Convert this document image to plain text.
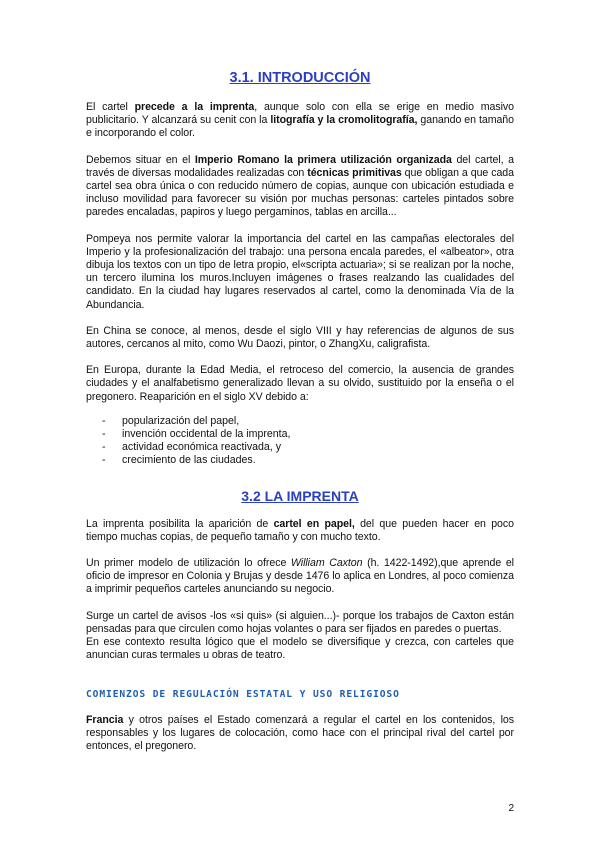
3.1. INTRODUCCIÓN

El cartel precede a la imprenta, aunque solo con ella se erige en medio masivo publicitario. Y alcanzará su cenit con la litografía y la cromolitografía, ganando en tamaño e incorporando el color.

Debemos situar en el Imperio Romano la primera utilización organizada del cartel, a través de diversas modalidades realizadas con técnicas primitivas que obligan a que cada cartel sea obra única o con reducido número de copias, aunque con ubicación estudiada e incluso movilidad para favorecer su visión por muchas personas: carteles pintados sobre paredes encaladas, papiros y luego pergaminos, tablas en arcilla...

Pompeya nos permite valorar la importancia del cartel en las campañas electorales del Imperio y la profesionalización del trabajo: una persona encala paredes, el «albeator», otra dibuja los textos con un tipo de letra propio, el«scripta actuaria»; si se realizan por la noche, un tercero ilumina los muros.Incluyen imágenes o frases realzando las cualidades del candidato. En la ciudad hay lugares reservados al cartel, como la denominada Vía de la Abundancia.

En China se conoce, al menos, desde el siglo VIII y hay referencias de algunos de sus autores, cercanos al mito, como Wu Daozi, pintor, o ZhangXu, caligrafista.

En Europa, durante la Edad Media, el retroceso del comercio, la ausencia de grandes ciudades y el analfabetismo generalizado llevan a su olvido, sustituido por la enseña o el pregonero. Reaparición en el siglo XV debido a:

- popularización del papel,
- invención occidental de la imprenta,
- actividad económica reactivada, y
- crecimiento de las ciudades.
3.2 LA IMPRENTA

La imprenta posibilita la aparición de cartel en papel, del que pueden hacer en poco tiempo muchas copias, de pequeño tamaño y con mucho texto.

Un primer modelo de utilización lo ofrece William Caxton (h. 1422-1492),que aprende el oficio de impresor en Colonia y Brujas y desde 1476 lo aplica en Londres, al poco comienza a imprimir pequeños carteles anunciando su negocio.

Surge un cartel de avisos -los «si quis» (si alguien...)- porque los trabajos de Caxton están pensadas para que circulen como hojas volantes o para ser fijados en paredes o puertas.

En ese contexto resulta lógico que el modelo se diversifique y crezca, con carteles que anuncian curas termales u obras de teatro.

COMIENZOS DE REGULACIÓN ESTATAL Y USO RELIGIOSO

Francia y otros países el Estado comenzará a regular el cartel en los contenidos, los responsables y los lugares de colocación, como hace con el principal rival del cartel por entonces, el pregonero.

2
